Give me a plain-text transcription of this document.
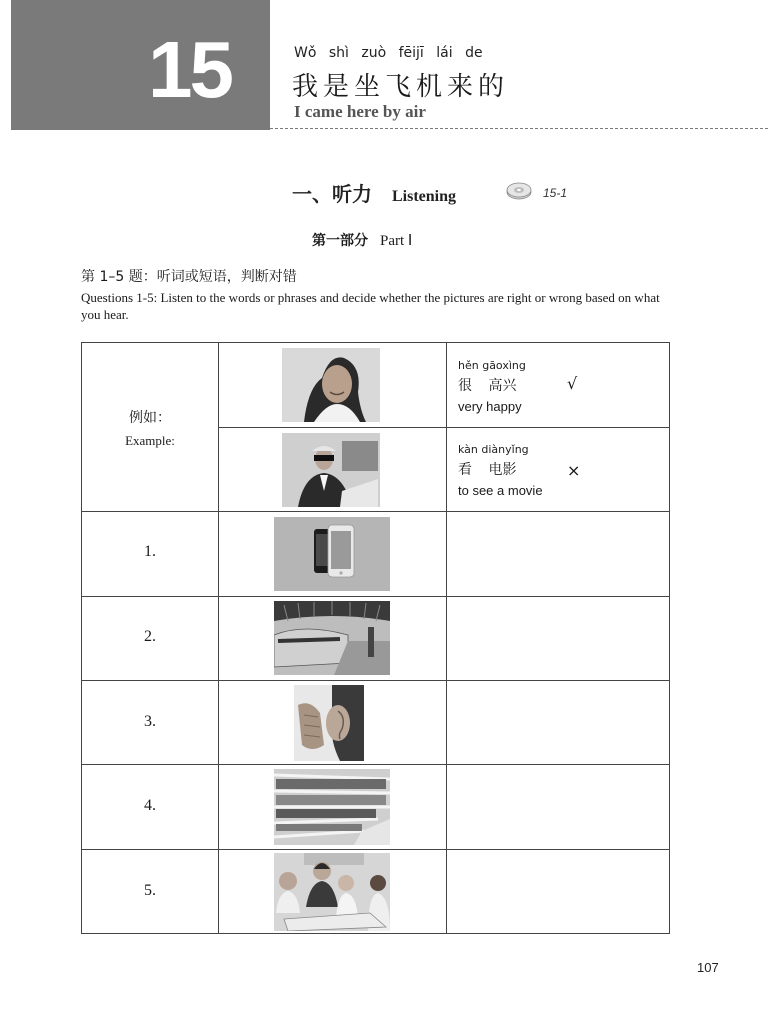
15	Wǒ shì zuò fēijī lái de
我是坐飞机来的
I came here by air
一、听力 Listening	15-1
第一部分 Part Ⅰ
第 1–5 题：听词或短语，判断对错
Questions 1-5: Listen to the words or phrases and decide whether the pictures are right or wrong based on what you hear.
例如：
Example:
hěn gāoxìng
很 高兴
very happy
√
kàn diànyǐng
看 电影
to see a movie
×
1.
2.
3.
4.
5.
107
